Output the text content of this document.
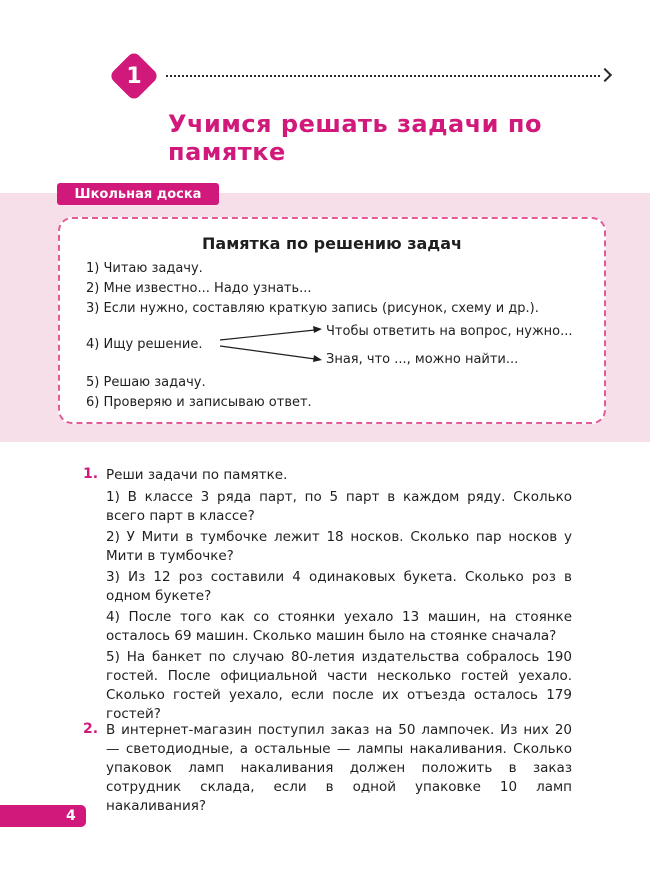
1
Учимся решать задачи по памятке
Школьная доска
Памятка по решению задач

1) Читаю задачу.

2) Мне известно... Надо узнать...

3) Если нужно, составляю краткую запись (рисунок, схему и др.).

4) Ищу решение.

Чтобы ответить на вопрос, нужно...
Зная, что ..., можно найти...

5) Решаю задачу.

6) Проверяю и записываю ответ.

1. Реши задачи по памятке.

1) В классе 3 ряда парт, по 5 парт в каждом ряду. Сколько всего парт в классе?

2) У Мити в тумбочке лежит 18 носков. Сколько пар носков у Мити в тумбочке?

3) Из 12 роз составили 4 одинаковых букета. Сколько роз в одном букете?

4) После того как со стоянки уехало 13 машин, на стоянке осталось 69 машин. Сколько машин было на стоянке сначала?

5) На банкет по случаю 80-летия издательства собралось 190 гостей. После официальной части несколько гостей уехало. Сколько гостей уехало, если после их отъезда осталось 179 гостей?

2. В интернет-магазин поступил заказ на 50 лампочек. Из них 20 — светодиодные, а остальные — лампы накаливания. Сколько упаковок ламп накаливания должен положить в заказ сотрудник склада, если в одной упаковке 10 ламп накаливания?

4
